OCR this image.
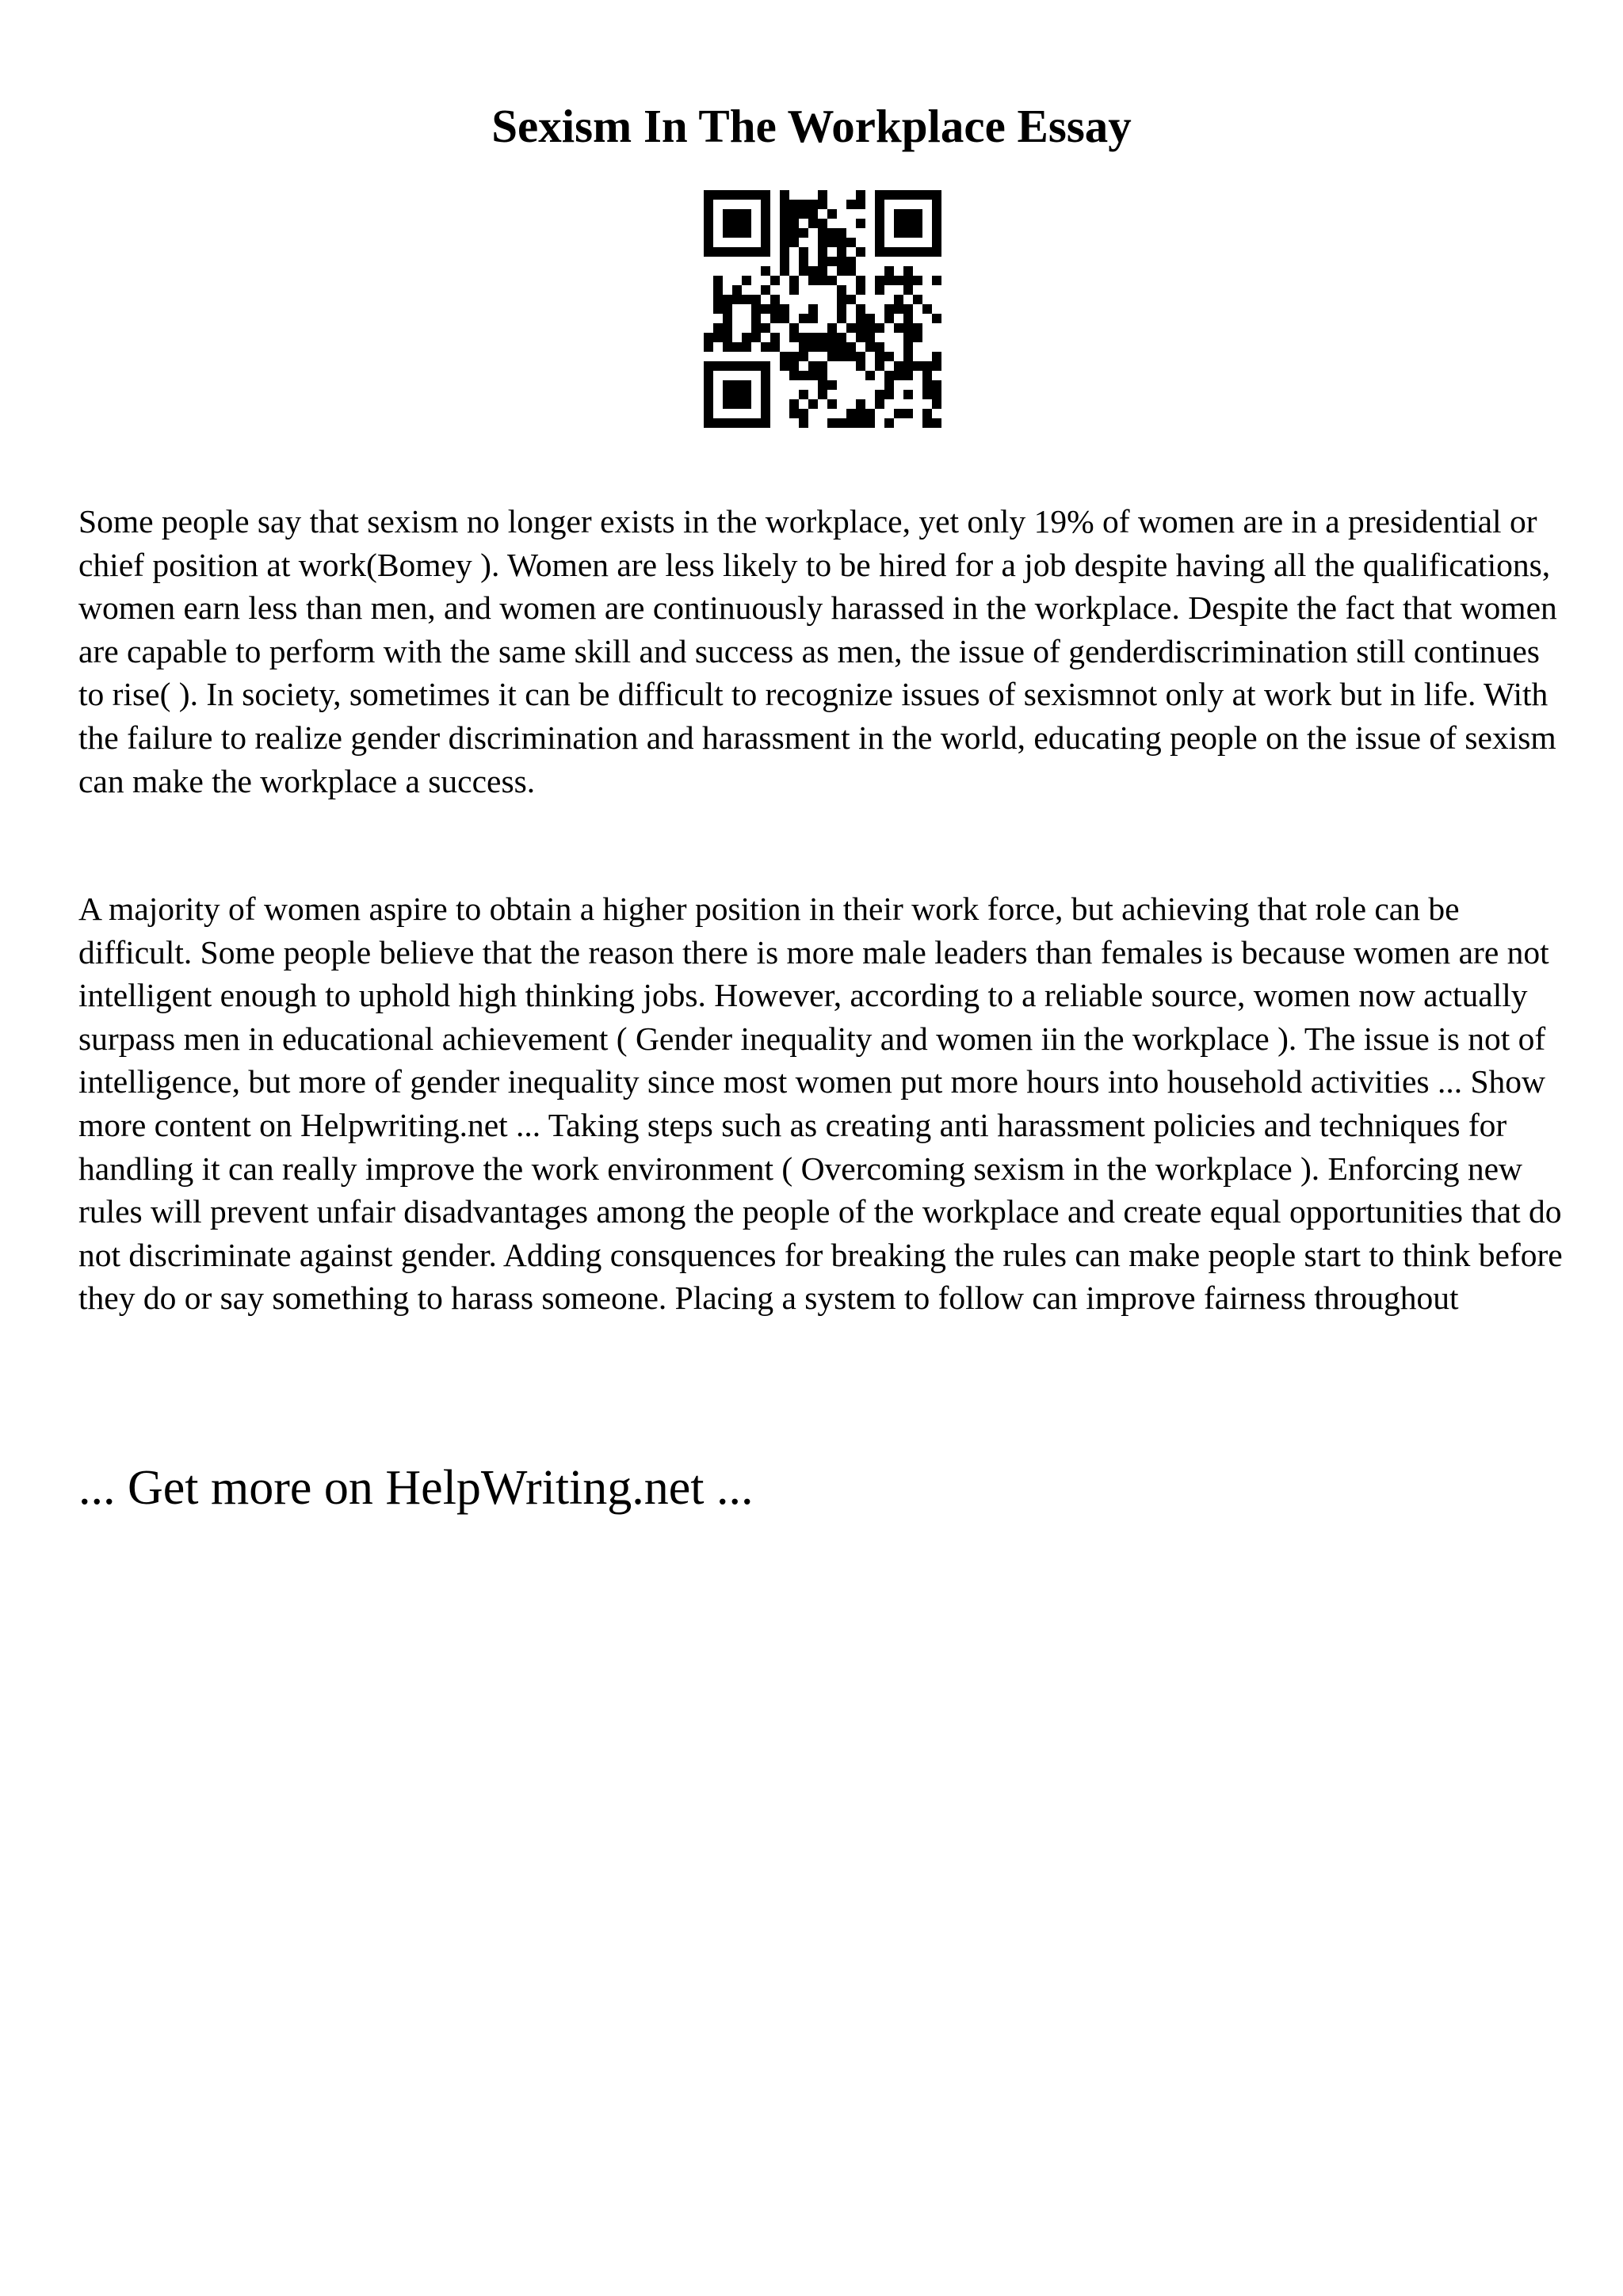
Sexism In The Workplace Essay

Some people say that sexism no longer exists in the workplace, yet only 19% of women are in a presidential or chief position at work(Bomey ). Women are less likely to be hired for a job despite having all the qualifications, women earn less than men, and women are continuously harassed in the workplace. Despite the fact that women are capable to perform with the same skill and success as men, the issue of genderdiscrimination still continues to rise( ). In society, sometimes it can be difficult to recognize issues of sexismnot only at work but in life. With the failure to realize gender discrimination and harassment in the world, educating people on the issue of sexism can make the workplace a success.

A majority of women aspire to obtain a higher position in their work force, but achieving that role can be difficult. Some people believe that the reason there is more male leaders than females is because women are not intelligent enough to uphold high thinking jobs. However, according to a reliable source, women now actually surpass men in educational achievement ( Gender inequality and women iin the workplace ). The issue is not of intelligence, but more of gender inequality since most women put more hours into household activities ... Show more content on Helpwriting.net ... Taking steps such as creating anti harassment policies and techniques for handling it can really improve the work environment ( Overcoming sexism in the workplace ). Enforcing new rules will prevent unfair disadvantages among the people of the workplace and create equal opportunities that do not discriminate against gender. Adding consquences for breaking the rules can make people start to think before they do or say something to harass someone. Placing a system to follow can improve fairness throughout

... Get more on HelpWriting.net ...
